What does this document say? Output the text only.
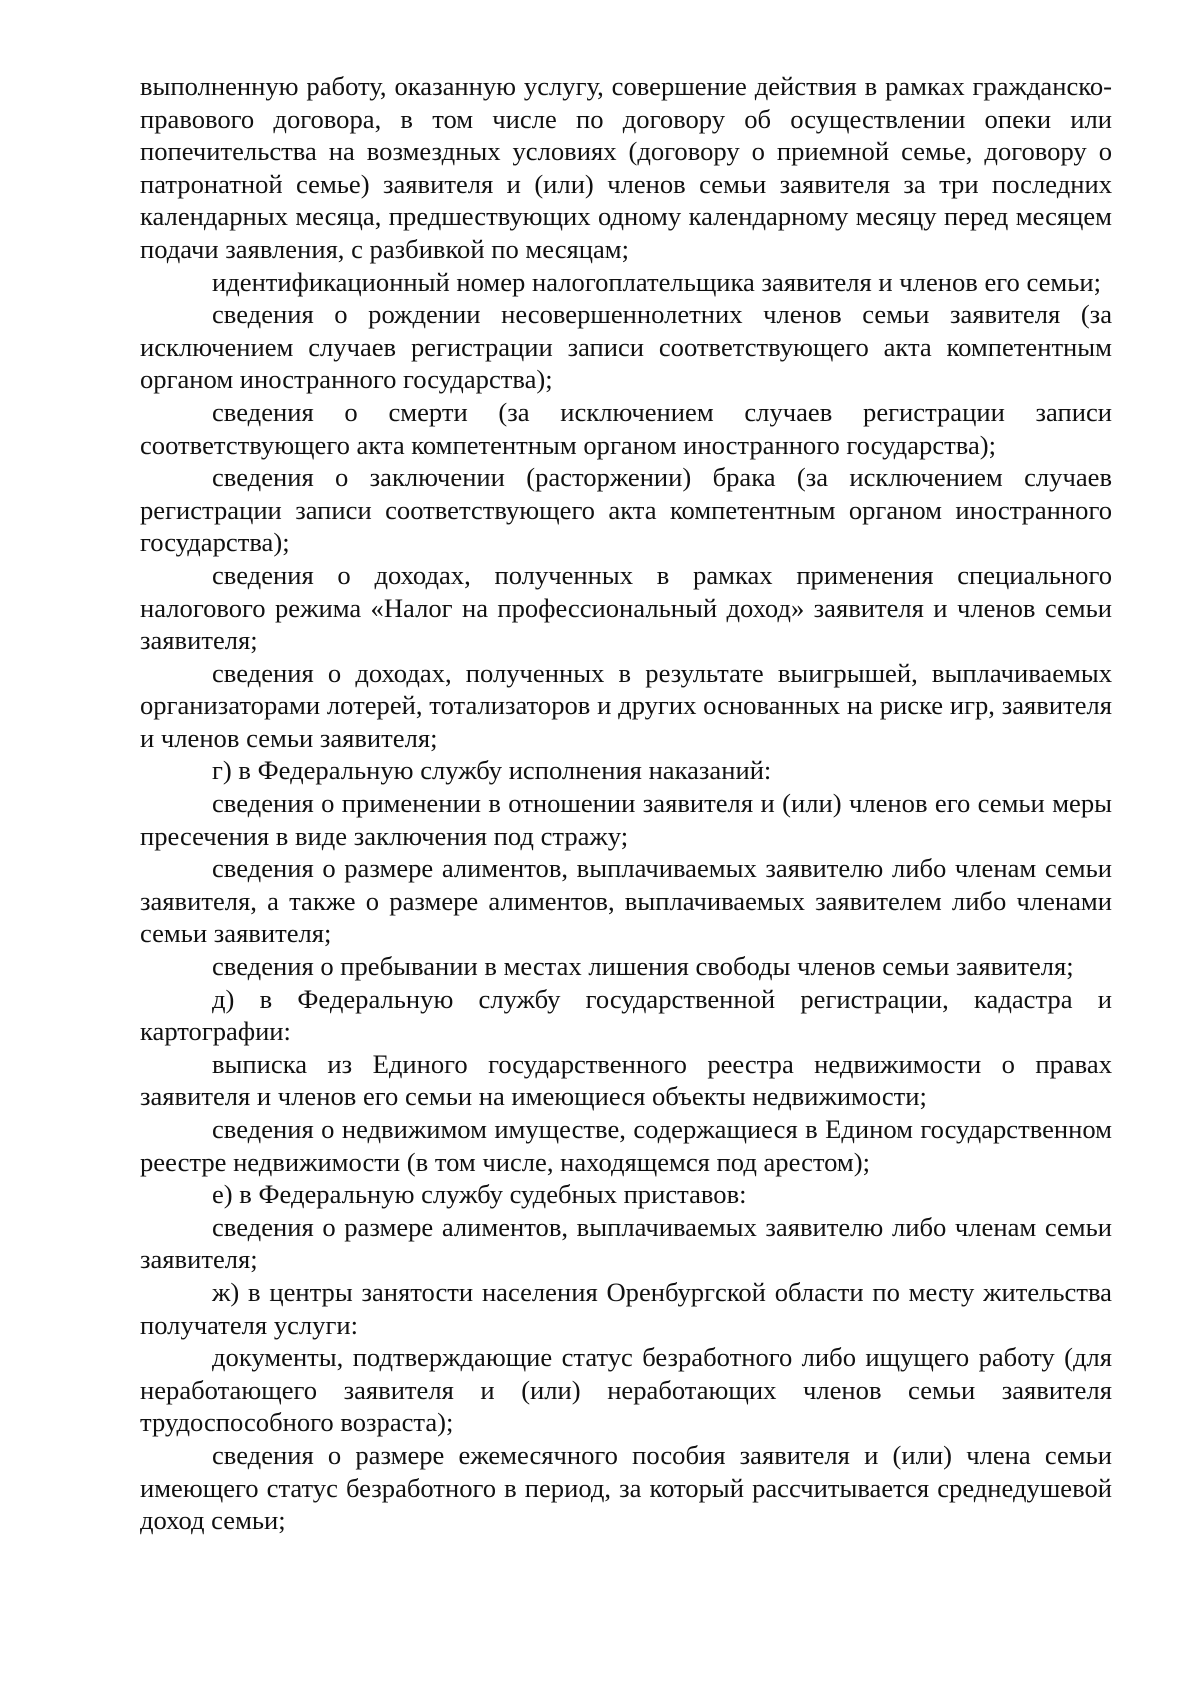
выполненную работу, оказанную услугу, совершение действия в рамках гражданско-правового договора, в том числе по договору об осуществлении опеки или попечительства на возмездных условиях (договору о приемной семье, договору о патронатной семье) заявителя и (или) членов семьи заявителя за три последних календарных месяца, предшествующих одному календарному месяцу перед месяцем подачи заявления, с разбивкой по месяцам;

идентификационный номер налогоплательщика заявителя и членов его семьи;

сведения о рождении несовершеннолетних членов семьи заявителя (за исключением случаев регистрации записи соответствующего акта компетентным органом иностранного государства);

сведения о смерти (за исключением случаев регистрации записи соответствующего акта компетентным органом иностранного государства);

сведения о заключении (расторжении) брака (за исключением случаев регистрации записи соответствующего акта компетентным органом иностранного государства);

сведения о доходах, полученных в рамках применения специального налогового режима «Налог на профессиональный доход» заявителя и членов семьи заявителя;

сведения о доходах, полученных в результате выигрышей, выплачиваемых организаторами лотерей, тотализаторов и других основанных на риске игр, заявителя и членов семьи заявителя;

г) в Федеральную службу исполнения наказаний:

сведения о применении в отношении заявителя и (или) членов его семьи меры пресечения в виде заключения под стражу;

сведения о размере алиментов, выплачиваемых заявителю либо членам семьи заявителя, а также о размере алиментов, выплачиваемых заявителем либо членами семьи заявителя;

сведения о пребывании в местах лишения свободы членов семьи заявителя;

д) в Федеральную службу государственной регистрации, кадастра и картографии:

выписка из Единого государственного реестра недвижимости о правах заявителя и членов его семьи на имеющиеся объекты недвижимости;

сведения о недвижимом имуществе, содержащиеся в Едином государственном реестре недвижимости (в том числе, находящемся под арестом);

е) в Федеральную службу судебных приставов:

сведения о размере алиментов, выплачиваемых заявителю либо членам семьи заявителя;

ж) в центры занятости населения Оренбургской области по месту жительства получателя услуги:

документы, подтверждающие статус безработного либо ищущего работу (для неработающего заявителя и (или) неработающих членов семьи заявителя трудоспособного возраста);

сведения о размере ежемесячного пособия заявителя и (или) члена семьи имеющего статус безработного в период, за который рассчитывается среднедушевой доход семьи;
